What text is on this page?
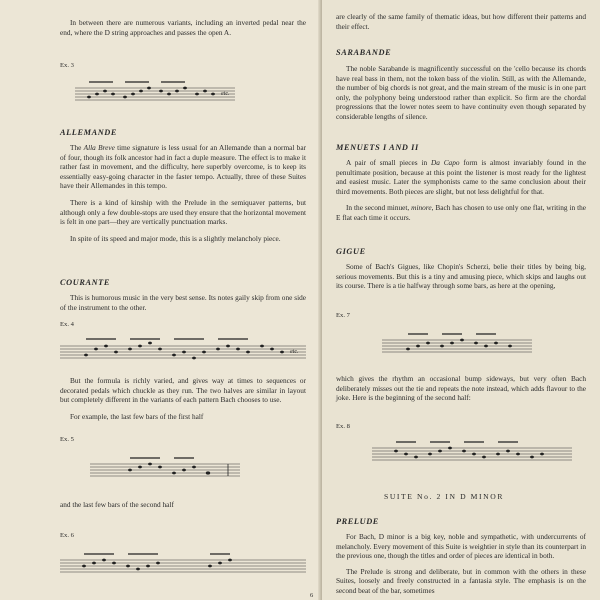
In between there are numerous variants, including an inverted pedal near the end, where the D string approaches and passes the open A.

Ex. 3
etc.
ALLEMANDE

The Alla Breve time signature is less usual for an Allemande than a normal bar of four, though its folk ancestor had in fact a duple measure. The effect is to make it rather fast in movement, and the difficulty, here superbly overcome, is to keep its essentially easy-going character in the faster tempo. Actually, three of these Suites have their Allemandes in this tempo.

There is a kind of kinship with the Prelude in the semiquaver patterns, but although only a few double-stops are used they ensure that the horizontal movement is felt in one part—they are vertically punctuation marks.

In spite of its speed and major mode, this is a slightly melancholy piece.

COURANTE

This is humorous music in the very best sense. Its notes gaily skip from one side of the instrument to the other.

Ex. 4
etc.

But the formula is richly varied, and gives way at times to sequences or decorated pedals which chuckle as they run. The two halves are similar in layout but completely different in the variants of each pattern Bach chooses to use.

For example, the last few bars of the first half

Ex. 5

and the last few bars of the second half

Ex. 6
6

are clearly of the same family of thematic ideas, but how different their patterns and their effect.

SARABANDE

The noble Sarabande is magnificently successful on the 'cello because its chords have real bass in them, not the token bass of the violin. Still, as with the Allemande, the number of big chords is not great, and the main stream of the music is in one part only, the polyphony being understood rather than explicit. So firm are the chordal progressions that the lower notes seem to have continuity even though separated by considerable lengths of silence.

MENUETS I AND II

A pair of small pieces in Da Capo form is almost invariably found in the penultimate position, because at this point the listener is most ready for the lightest and easiest music. Later the symphonists came to the same conclusion about their third movements. Both pieces are slight, but not less delightful for that.

In the second minuet, minore, Bach has chosen to use only one flat, writing in the E flat each time it occurs.

GIGUE

Some of Bach's Gigues, like Chopin's Scherzi, belie their titles by being big, serious movements. But this is a tiny and amusing piece, which skips and laughs out its course. There is a tie halfway through some bars, as here at the opening,

Ex. 7

which gives the rhythm an occasional bump sideways, but very often Bach deliberately misses out the tie and repeats the note instead, which adds flavour to the joke. Here is the beginning of the second half:

Ex. 8
SUITE No. 2 IN D MINOR
PRELUDE

For Bach, D minor is a big key, noble and sympathetic, with undercurrents of melancholy. Every movement of this Suite is weightier in style than its counterpart in the previous one, though the titles and order of pieces are identical in both.

The Prelude is strong and deliberate, but in common with the others in these Suites, loosely and freely constructed in a fantasia style. The emphasis is on the second beat of the bar, sometimes
